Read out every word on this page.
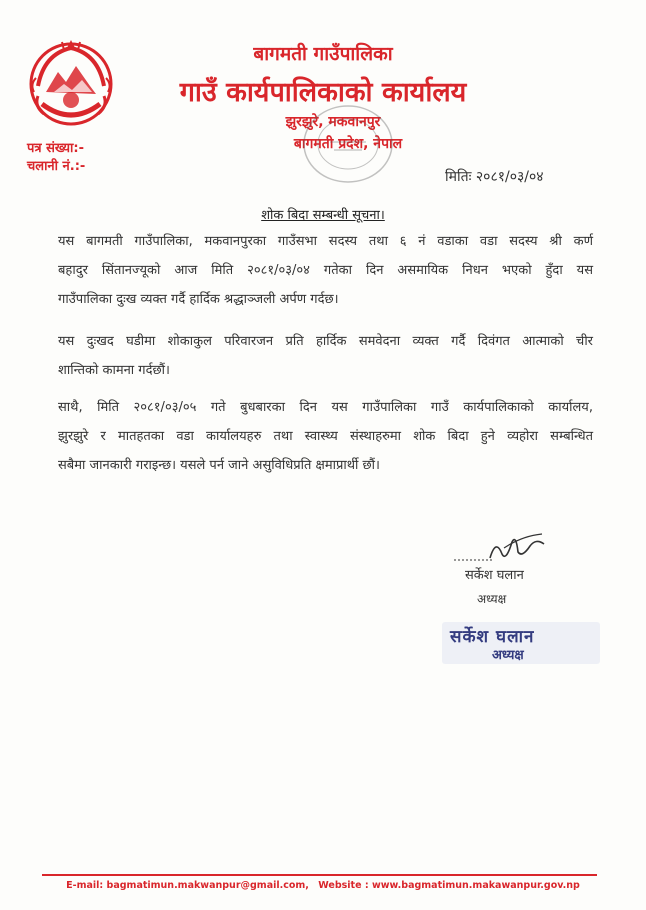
बागमती गाउँपालिका
गाउँ कार्यपालिकाको कार्यालय
झुरझुरे, मकवानपुर
बागमती प्रदेश, नेपाल
पत्र संख्या:-
चलानी नं.:-
मितिः २०८१/०३/०४
शोक बिदा सम्बन्धी सूचना।
यस बागमती गाउँपालिका, मकवानपुरका गाउँसभा सदस्य तथा ६ नं वडाका वडा सदस्य श्री कर्ण
बहादुर सिंतानज्यूको आज मिति २०८१/०३/०४ गतेका दिन असमायिक निधन भएको हुँदा यस
गाउँपालिका दुःख व्यक्त गर्दै हार्दिक श्रद्धाञ्जली अर्पण गर्दछ।
यस दुःखद घडीमा शोकाकुल परिवारजन प्रति हार्दिक समवेदना व्यक्त गर्दै दिवंगत आत्माको चीर
शान्तिको कामना गर्दछौं।
साथै, मिति २०८१/०३/०५ गते बुधबारका दिन यस गाउँपालिका गाउँ कार्यपालिकाको कार्यालय,
झुरझुरे र मातहतका वडा कार्यालयहरु तथा स्वास्थ्य संस्थाहरुमा शोक बिदा हुने व्यहोरा सम्बन्धित
सबैमा जानकारी गराइन्छ। यसले पर्न जाने असुविधिप्रति क्षमाप्रार्थी छौं।
सर्केश घलान
अध्यक्ष
सर्केश घलान
अध्यक्ष
E-mail: bagmatimun.makwanpur@gmail.com, Website : www.bagmatimun.makawanpur.gov.np
